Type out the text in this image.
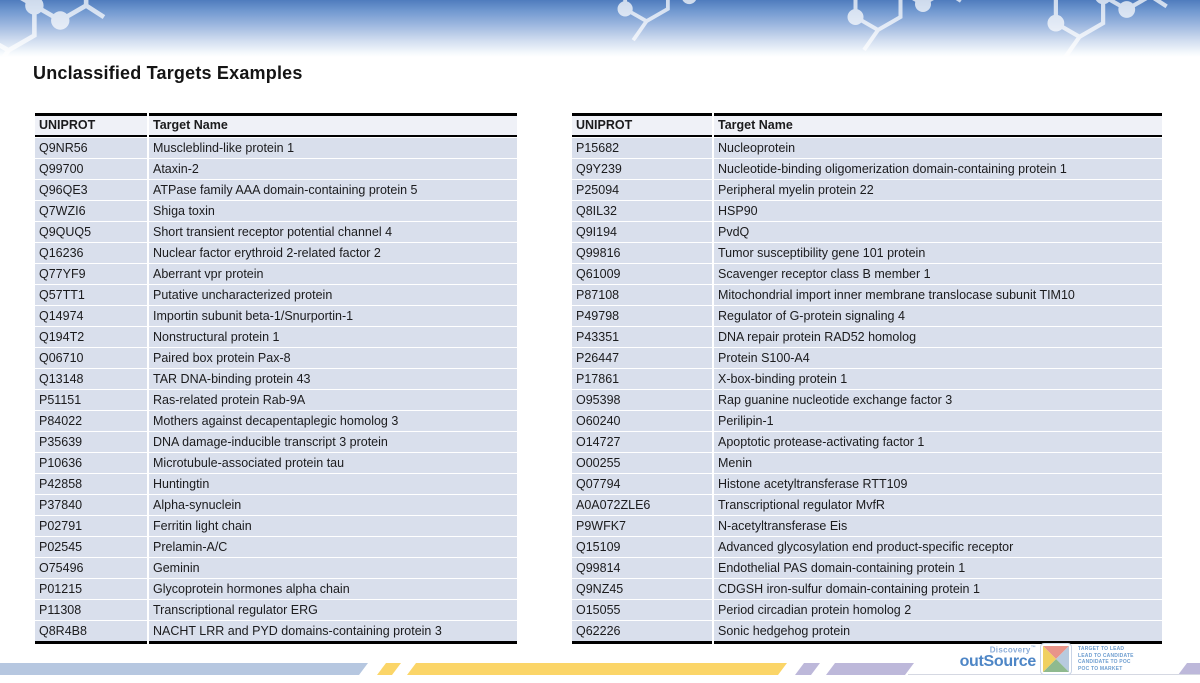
Unclassified Targets Examples
UNIPROT	Target Name
Q9NR56	Muscleblind-like protein 1
Q99700	Ataxin-2
Q96QE3	ATPase family AAA domain-containing protein 5
Q7WZI6	Shiga toxin
Q9QUQ5	Short transient receptor potential channel 4
Q16236	Nuclear factor erythroid 2-related factor 2
Q77YF9	Aberrant vpr protein
Q57TT1	Putative uncharacterized protein
Q14974	Importin subunit beta-1/Snurportin-1
Q194T2	Nonstructural protein 1
Q06710	Paired box protein Pax-8
Q13148	TAR DNA-binding protein 43
P51151	Ras-related protein Rab-9A
P84022	Mothers against decapentaplegic homolog 3
P35639	DNA damage-inducible transcript 3 protein
P10636	Microtubule-associated protein tau
P42858	Huntingtin
P37840	Alpha-synuclein
P02791	Ferritin light chain
P02545	Prelamin-A/C
O75496	Geminin
P01215	Glycoprotein hormones alpha chain
P11308	Transcriptional regulator ERG
Q8R4B8	NACHT LRR and PYD domains-containing protein 3
UNIPROT	Target Name
P15682	Nucleoprotein
Q9Y239	Nucleotide-binding oligomerization domain-containing protein 1
P25094	Peripheral myelin protein 22
Q8IL32	HSP90
Q9I194	PvdQ
Q99816	Tumor susceptibility gene 101 protein
Q61009	Scavenger receptor class B member 1
P87108	Mitochondrial import inner membrane translocase subunit TIM10
P49798	Regulator of G-protein signaling 4
P43351	DNA repair protein RAD52 homolog
P26447	Protein S100-A4
P17861	X-box-binding protein 1
O95398	Rap guanine nucleotide exchange factor 3
O60240	Perilipin-1
O14727	Apoptotic protease-activating factor 1
O00255	Menin
Q07794	Histone acetyltransferase RTT109
A0A072ZLE6	Transcriptional regulator MvfR
P9WFK7	N-acetyltransferase Eis
Q15109	Advanced glycosylation end product-specific receptor
Q99814	Endothelial PAS domain-containing protein 1
Q9NZ45	CDGSH iron-sulfur domain-containing protein 1
O15055	Period circadian protein homolog 2
Q62226	Sonic hedgehog protein
Discovery™
outSource
TARGET TO LEAD
LEAD TO CANDIDATE
CANDIDATE TO POC
POC TO MARKET
